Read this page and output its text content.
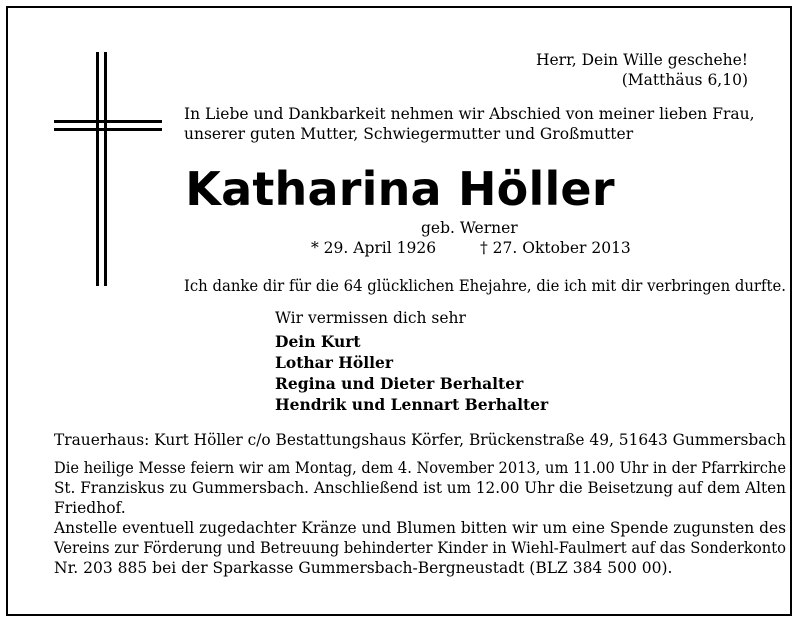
Herr, Dein Wille geschehe!
(Matthäus 6,10)
In Liebe und Dankbarkeit nehmen wir Abschied von meiner lieben Frau,
unserer guten Mutter, Schwiegermutter und Großmutter
Katharina Höller
geb. Werner
* 29. April 1926	† 27. Oktober 2013
Ich danke dir für die 64 glücklichen Ehejahre, die ich mit dir verbringen durfte.
Wir vermissen dich sehr
Dein Kurt
Lothar Höller
Regina und Dieter Berhalter
Hendrik und Lennart Berhalter
Trauerhaus: Kurt Höller c/o Bestattungshaus Körfer, Brückenstraße 49, 51643 Gummersbach
Die heilige Messe feiern wir am Montag, dem 4. November 2013, um 11.00 Uhr in der Pfarrkirche
St. Franziskus zu Gummersbach. Anschließend ist um 12.00 Uhr die Beisetzung auf dem Alten
Friedhof.
Anstelle eventuell zugedachter Kränze und Blumen bitten wir um eine Spende zugunsten des
Vereins zur Förderung und Betreuung behinderter Kinder in Wiehl-Faulmert auf das Sonderkonto
Nr. 203 885 bei der Sparkasse Gummersbach-Bergneustadt (BLZ 384 500 00).
